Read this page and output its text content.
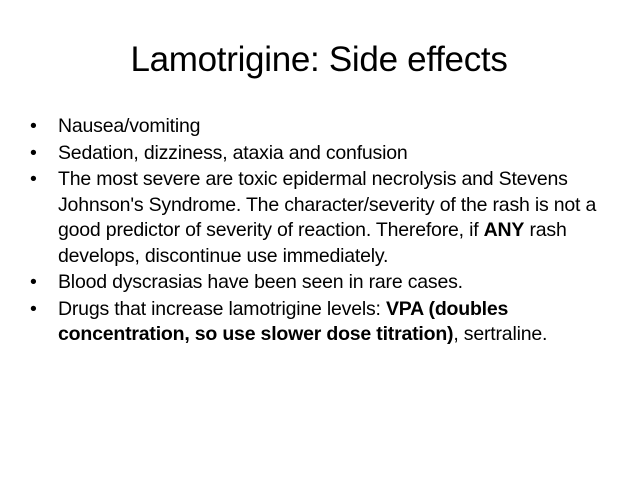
Lamotrigine: Side effects
•	Nausea/vomiting
•	Sedation, dizziness, ataxia and confusion
•	The most severe are toxic epidermal necrolysis and Stevens Johnson's Syndrome. The character/severity of the rash is not a good predictor of severity of reaction. Therefore, if ANY rash develops, discontinue use immediately.
•	Blood dyscrasias have been seen in rare cases.
•	Drugs that increase lamotrigine levels: VPA (doubles concentration, so use slower dose titration), sertraline.
